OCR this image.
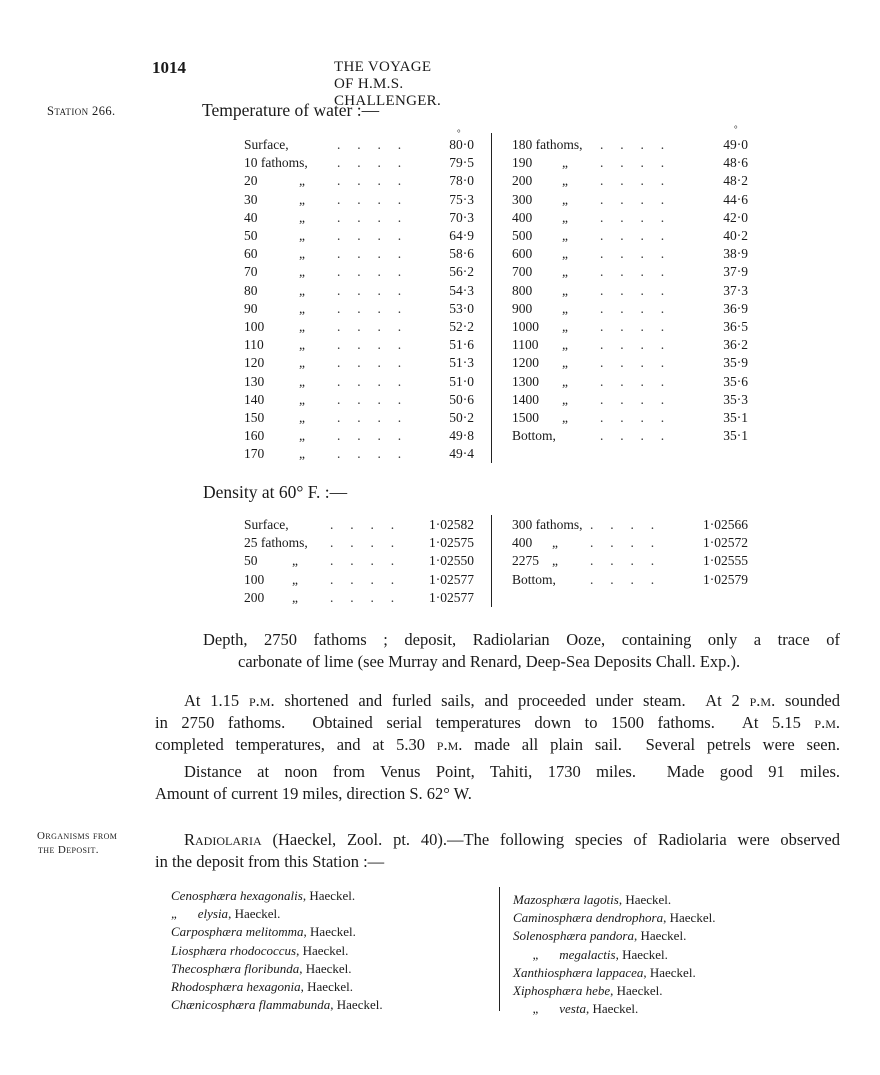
1014	THE VOYAGE OF H.M.S. CHALLENGER.
Station 266.	Temperature of water :—
°	°
Surface,		.     .     .     .	80·0
10 fathoms,		.     .     .     .	79·5
20	„	.     .     .     .	78·0
30	„	.     .     .     .	75·3
40	„	.     .     .     .	70·3
50	„	.     .     .     .	64·9
60	„	.     .     .     .	58·6
70	„	.     .     .     .	56·2
80	„	.     .     .     .	54·3
90	„	.     .     .     .	53·0
100	„	.     .     .     .	52·2
110	„	.     .     .     .	51·6
120	„	.     .     .     .	51·3
130	„	.     .     .     .	51·0
140	„	.     .     .     .	50·6
150	„	.     .     .     .	50·2
160	„	.     .     .     .	49·8
170	„	.     .     .     .	49·4
180 fathoms,		.     .     .     .	49·0
190	„	.     .     .     .	48·6
200	„	.     .     .     .	48·2
300	„	.     .     .     .	44·6
400	„	.     .     .     .	42·0
500	„	.     .     .     .	40·2
600	„	.     .     .     .	38·9
700	„	.     .     .     .	37·9
800	„	.     .     .     .	37·3
900	„	.     .     .     .	36·9
1000	„	.     .     .     .	36·5
1100	„	.     .     .     .	36·2
1200	„	.     .     .     .	35·9
1300	„	.     .     .     .	35·6
1400	„	.     .     .     .	35·3
1500	„	.     .     .     .	35·1
Bottom,		.     .     .     .	35·1
Density at 60° F. :—
Surface,		.     .     .     .	1·02582
25 fathoms,		.     .     .     .	1·02575
50	„	.     .     .     .	1·02550
100	„	.     .     .     .	1·02577
200	„	.     .     .     .	1·02577
300 fathoms,		.     .     .     .	1·02566
400	„	.     .     .     .	1·02572
2275	„	.     .     .     .	1·02555
Bottom,		.     .     .     .	1·02579
Depth, 2750 fathoms ; deposit, Radiolarian Ooze, containing only a trace of
carbonate of lime (see Murray and Renard, Deep-Sea Deposits Chall. Exp.).
At 1.15 p.m. shortened and furled sails, and proceeded under steam.  At 2 p.m. sounded
in 2750 fathoms.  Obtained serial temperatures down to 1500 fathoms.  At 5.15 p.m.
completed temperatures, and at 5.30 p.m. made all plain sail.  Several petrels were seen.
Distance at noon from Venus Point, Tahiti, 1730 miles.  Made good 91 miles.
Amount of current 19 miles, direction S. 62° W.
Organisms from
the Deposit.
Radiolaria (Haeckel, Zool. pt. 40).—The following species of Radiolaria were observed
in the deposit from this Station :—
Cenosphæra hexagonalis, Haeckel.
„      elysia, Haeckel.
Carposphæra melitomma, Haeckel.
Liosphæra rhodococcus, Haeckel.
Thecosphæra floribunda, Haeckel.
Rhodosphæra hexagonia, Haeckel.
Chænicosphæra flammabunda, Haeckel.
Mazosphæra lagotis, Haeckel.
Caminosphæra dendrophora, Haeckel.
Solenosphæra pandora, Haeckel.
„      megalactis, Haeckel.
Xanthiosphæra lappacea, Haeckel.
Xiphosphæra hebe, Haeckel.
„      vesta, Haeckel.
